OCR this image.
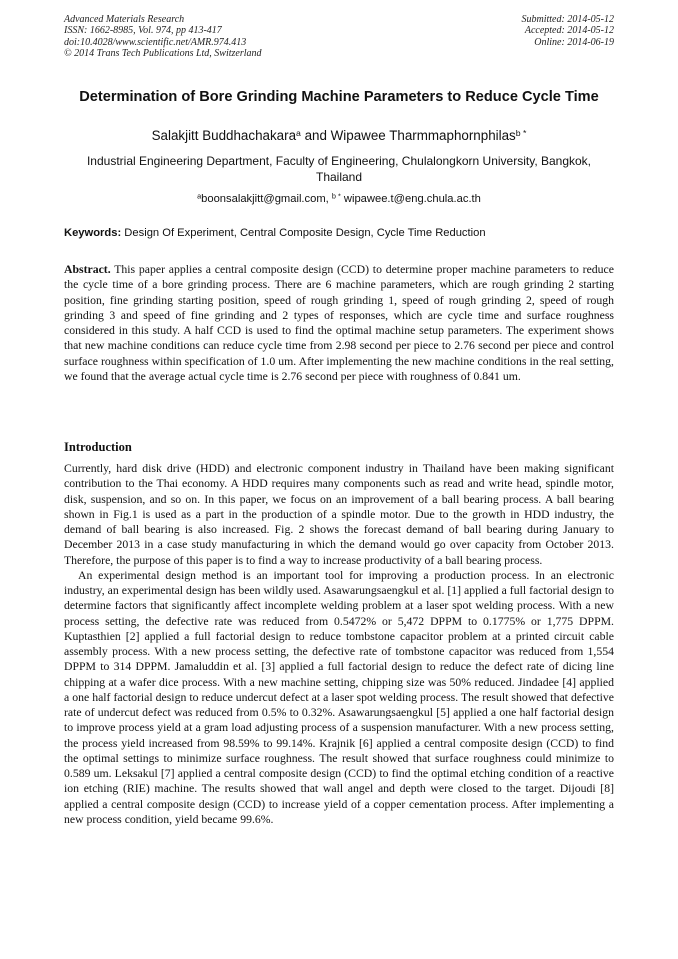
Advanced Materials Research
ISSN: 1662-8985, Vol. 974, pp 413-417
doi:10.4028/www.scientific.net/AMR.974.413
© 2014 Trans Tech Publications Ltd, Switzerland
Submitted: 2014-05-12
Accepted: 2014-05-12
Online: 2014-06-19
Determination of Bore Grinding Machine Parameters to Reduce Cycle Time
Salakjitt Buddhachakara$^a$ and Wipawee Tharmmaphornphilas$^{b *}$
Industrial Engineering Department, Faculty of Engineering, Chulalongkorn University, Bangkok, Thailand
$^a$boonsalakjitt@gmail.com, $^{b *}$ wipawee.t@eng.chula.ac.th
Keywords: Design Of Experiment, Central Composite Design, Cycle Time Reduction
Abstract. This paper applies a central composite design (CCD) to determine proper machine parameters to reduce the cycle time of a bore grinding process. There are 6 machine parameters, which are rough grinding 2 starting position, fine grinding starting position, speed of rough grinding 1, speed of rough grinding 2, speed of rough grinding 3 and speed of fine grinding and 2 types of responses, which are cycle time and surface roughness considered in this study. A half CCD is used to find the optimal machine setup parameters. The experiment shows that new machine conditions can reduce cycle time from 2.98 second per piece to 2.76 second per piece and control surface roughness within specification of 1.0 um. After implementing the new machine conditions in the real setting, we found that the average actual cycle time is 2.76 second per piece with roughness of 0.841 um.
Introduction

Currently, hard disk drive (HDD) and electronic component industry in Thailand have been making significant contribution to the Thai economy. A HDD requires many components such as read and write head, spindle motor, disk, suspension, and so on. In this paper, we focus on an improvement of a ball bearing process. A ball bearing shown in Fig.1 is used as a part in the production of a spindle motor. Due to the growth in HDD industry, the demand of ball bearing is also increased. Fig. 2 shows the forecast demand of ball bearing during January to December 2013 in a case study manufacturing in which the demand would go over capacity from October 2013. Therefore, the purpose of this paper is to find a way to increase productivity of a ball bearing process.

An experimental design method is an important tool for improving a production process. In an electronic industry, an experimental design has been wildly used. Asawarungsaengkul et al. [1] applied a full factorial design to determine factors that significantly affect incomplete welding problem at a laser spot welding process. With a new process setting, the defective rate was reduced from 0.5472% or 5,472 DPPM to 0.1775% or 1,775 DPPM. Kuptasthien [2] applied a full factorial design to reduce tombstone capacitor problem at a printed circuit cable assembly process. With a new process setting, the defective rate of tombstone capacitor was reduced from 1,554 DPPM to 314 DPPM. Jamaluddin et al. [3] applied a full factorial design to reduce the defect rate of dicing line chipping at a wafer dice process. With a new machine setting, chipping size was 50% reduced. Jindadee [4] applied a one half factorial design to reduce undercut defect at a laser spot welding process. The result showed that defective rate of undercut defect was reduced from 0.5% to 0.32%. Asawarungsaengkul [5] applied a one half factorial design to improve process yield at a gram load adjusting process of a suspension manufacturer. With a new process setting, the process yield increased from 98.59% to 99.14%. Krajnik [6] applied a central composite design (CCD) to find the optimal settings to minimize surface roughness. The result showed that surface roughness could minimize to 0.589 um. Leksakul [7] applied a central composite design (CCD) to find the optimal etching condition of a reactive ion etching (RIE) machine. The results showed that wall angel and depth were closed to the target. Dijoudi [8] applied a central composite design (CCD) to increase yield of a copper cementation process. After implementing a new process condition, yield became 99.6%.
